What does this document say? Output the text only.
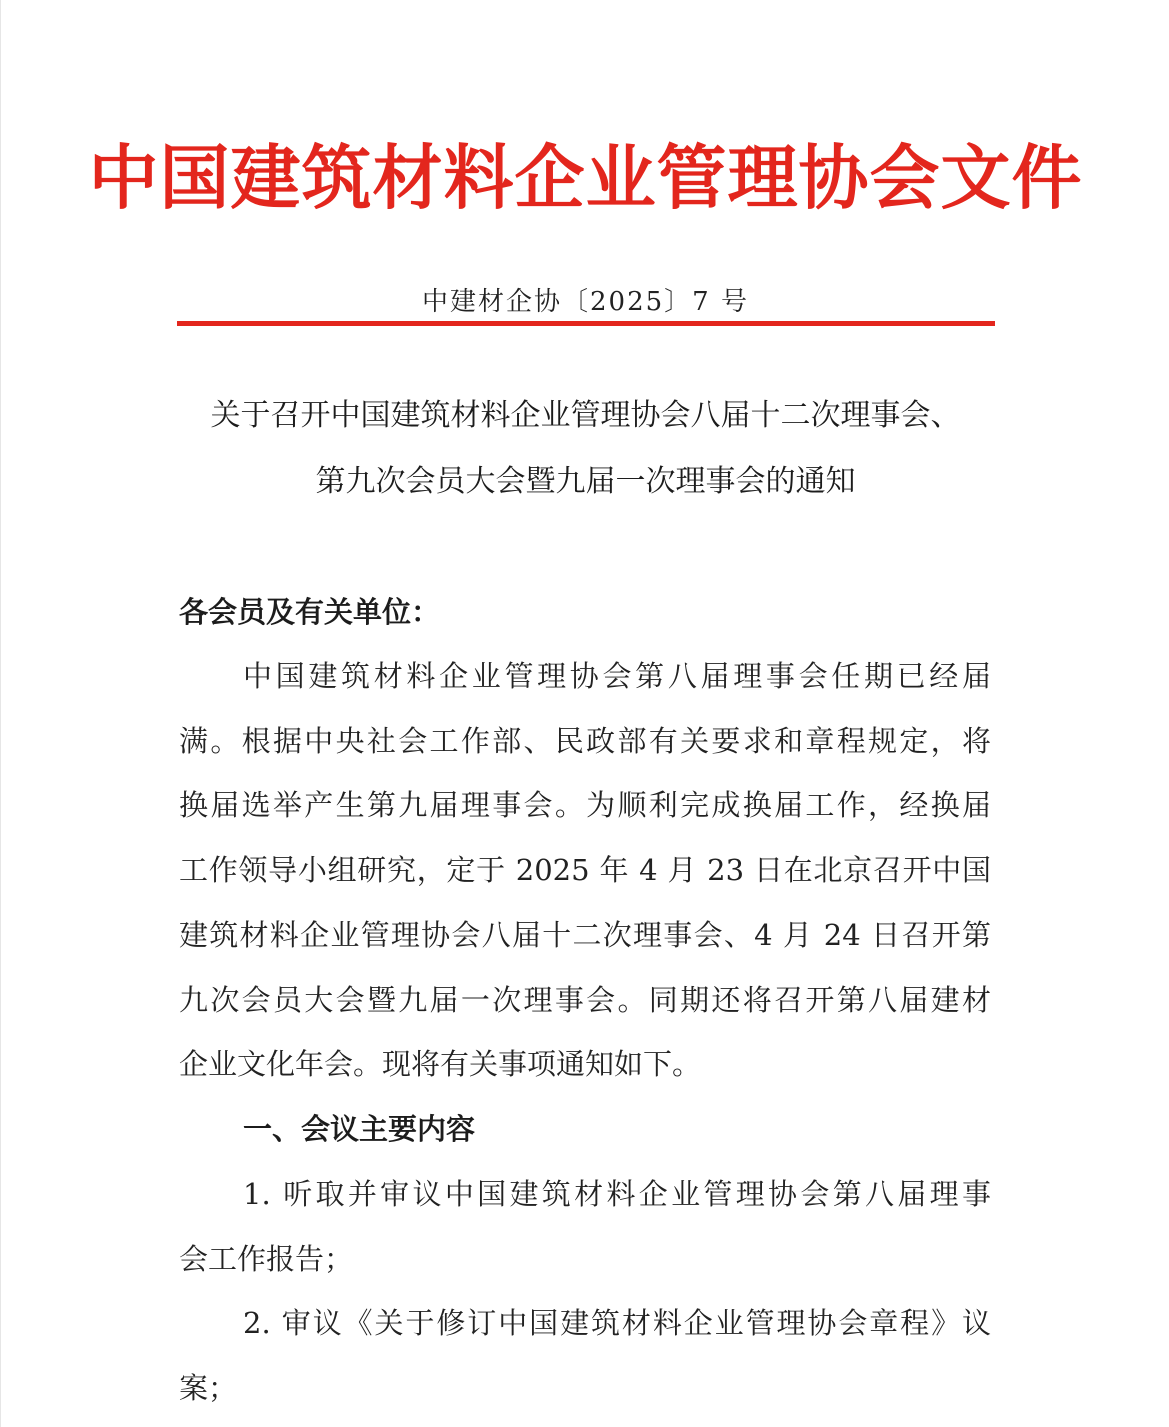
中国建筑材料企业管理协会文件
中建材企协〔2025〕7 号
关于召开中国建筑材料企业管理协会八届十二次理事会、
第九次会员大会暨九届一次理事会的通知
各会员及有关单位：
中国建筑材料企业管理协会第八届理事会任期已经届
满。根据中央社会工作部、民政部有关要求和章程规定，将
换届选举产生第九届理事会。为顺利完成换届工作，经换届
工作领导小组研究，定于 2025 年 4 月 23 日在北京召开中国
建筑材料企业管理协会八届十二次理事会、4 月 24 日召开第
九次会员大会暨九届一次理事会。同期还将召开第八届建材
企业文化年会。现将有关事项通知如下。
一、会议主要内容
1. 听取并审议中国建筑材料企业管理协会第八届理事
会工作报告；
2. 审议《关于修订中国建筑材料企业管理协会章程》议
案；
